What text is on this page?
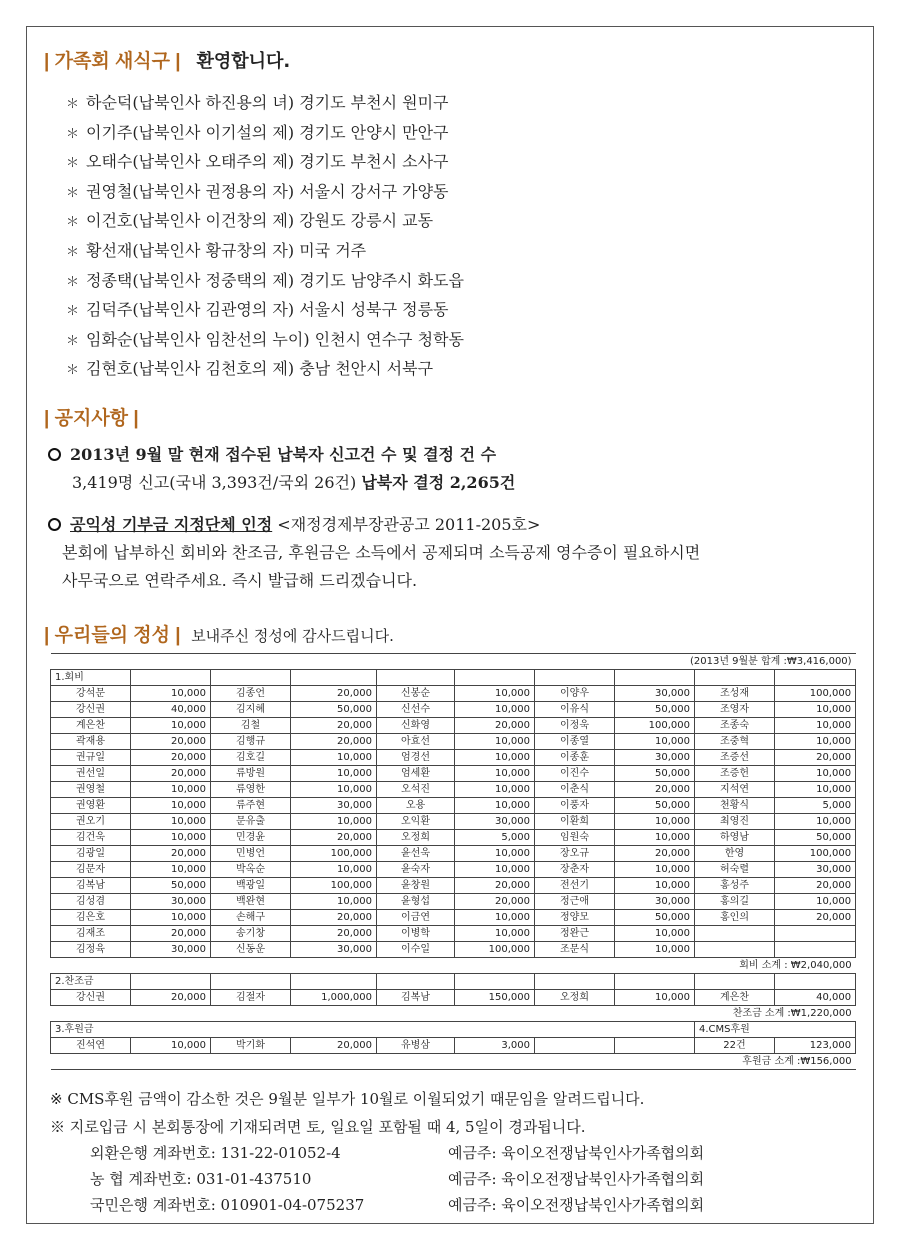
| 가족회 새식구 | 환영합니다.
＊ 하순덕(납북인사 하진용의 녀) 경기도 부천시 원미구
＊ 이기주(납북인사 이기설의 제) 경기도 안양시 만안구
＊ 오태수(납북인사 오태주의 제) 경기도 부천시 소사구
＊ 권영철(납북인사 권정용의 자) 서울시 강서구 가양동
＊ 이건호(납북인사 이건창의 제) 강원도 강릉시 교동
＊ 황선재(납북인사 황규창의 자) 미국 거주
＊ 정종택(납북인사 정중택의 제) 경기도 남양주시 화도읍
＊ 김덕주(납북인사 김관영의 자) 서울시 성북구 정릉동
＊ 임화순(납북인사 임찬선의 누이) 인천시 연수구 청학동
＊ 김현호(납북인사 김천호의 제) 충남 천안시 서북구
| 공지사항 |
2013년 9월 말 현재 접수된 납북자 신고건 수 및 결정 건 수
3,419명 신고(국내 3,393건/국외 26건) 납북자 결정 2,265건
공익성 기부금 지정단체 인정 <재정경제부장관공고 2011-205호>
본회에 납부하신 회비와 찬조금, 후원금은 소득에서 공제되며 소득공제 영수증이 필요하시면
사무국으로 연락주세요. 즉시 발급해 드리겠습니다.
| 우리들의 정성 | 보내주신 정성에 감사드립니다.
(2013년 9월분 합계 :₩3,416,000)									
1.회비									
강석문	10,000	김종언	20,000	신봉순	10,000	이양우	30,000	조성재	100,000
강신권	40,000	김지혜	50,000	신선수	10,000	이유식	50,000	조영자	10,000
계은찬	10,000	김철	20,000	신화영	20,000	이정욱	100,000	조종숙	10,000
곽재용	20,000	김행규	20,000	아효선	10,000	이종열	10,000	조중혁	10,000
권규일	20,000	김호길	10,000	엄경선	10,000	이종훈	30,000	조증선	20,000
권선일	20,000	류방원	10,000	엄세환	10,000	이진수	50,000	조증헌	10,000
권영철	10,000	류영한	10,000	오석진	10,000	이춘식	20,000	지석연	10,000
권영환	10,000	류주현	30,000	오용	10,000	이풍자	50,000	천황식	5,000
권오기	10,000	문유출	10,000	오익환	30,000	이환희	10,000	최영진	10,000
김건욱	10,000	민경윤	20,000	오정희	5,000	임원숙	10,000	하영남	50,000
김광일	20,000	민병언	100,000	윤선욱	10,000	장오규	20,000	한영	100,000
김문자	10,000	박옥순	10,000	윤숙자	10,000	장춘자	10,000	허숙렬	30,000
김복남	50,000	백광일	100,000	윤창원	20,000	전선기	10,000	홍성주	20,000
김성겸	30,000	백완현	10,000	윤형섭	20,000	정근애	30,000	홍의길	10,000
김은호	10,000	손해구	20,000	이금연	10,000	정양모	50,000	홍인의	20,000
김재조	20,000	송기창	20,000	이병학	10,000	정완근	10,000		
김정육	30,000	신동운	30,000	이수일	100,000	조문식	10,000		
회비 소계 : ₩2,040,000									
2.찬조금									
강신권	20,000	김절자	1,000,000	김복남	150,000	오정희	10,000	계은찬	40,000
찬조금 소계 :₩1,220,000									
3.후원금								4.CMS후원	
진석연	10,000	박기화	20,000	유병삼	3,000			22건	123,000
후원금 소계 :₩156,000									
※ CMS후원 금액이 감소한 것은 9월분 일부가 10월로 이월되었기 때문임을 알려드립니다.
※ 지로입금 시 본회통장에 기재되려면 토, 일요일 포함될 때 4, 5일이 경과됩니다.
외환은행 계좌번호: 131-22-01052-4	예금주: 육이오전쟁납북인사가족협의회
농 협 계좌번호: 031-01-437510	예금주: 육이오전쟁납북인사가족협의회
국민은행 계좌번호: 010901-04-075237	예금주: 육이오전쟁납북인사가족협의회
